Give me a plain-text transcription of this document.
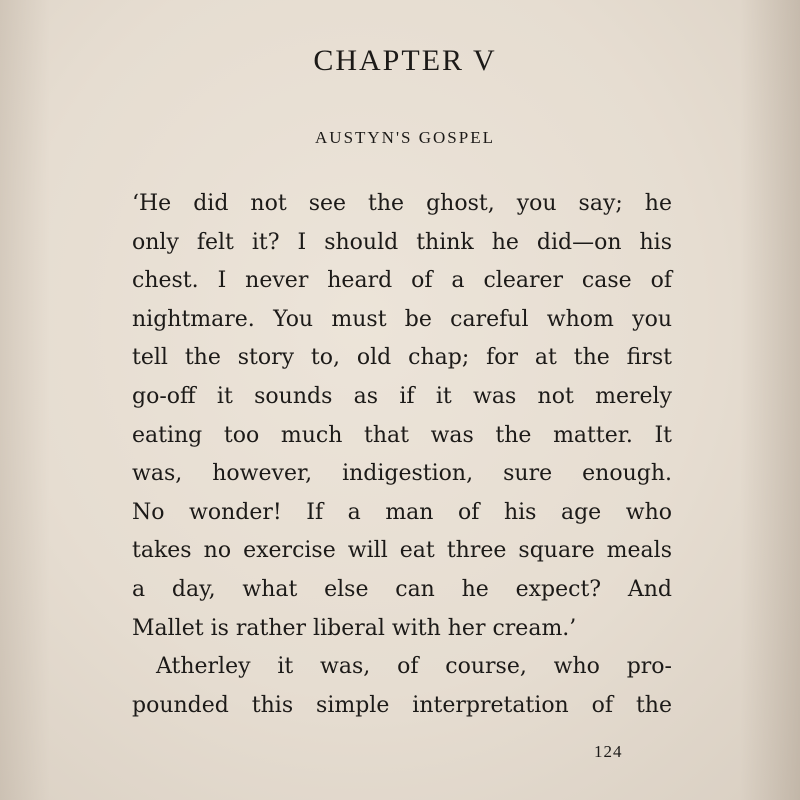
CHAPTER V
AUSTYN'S GOSPEL

‘He did not see the ghost, you say; he
only felt it? I should think he did—on his
chest. I never heard of a clearer case of
nightmare. You must be careful whom you
tell the story to, old chap; for at the first
go-off it sounds as if it was not merely
eating too much that was the matter. It
was, however, indigestion, sure enough.
No wonder! If a man of his age who
takes no exercise will eat three square meals
a day, what else can he expect? And
Mallet is rather liberal with her cream.’

Atherley it was, of course, who pro-

pounded this simple interpretation of the

124
